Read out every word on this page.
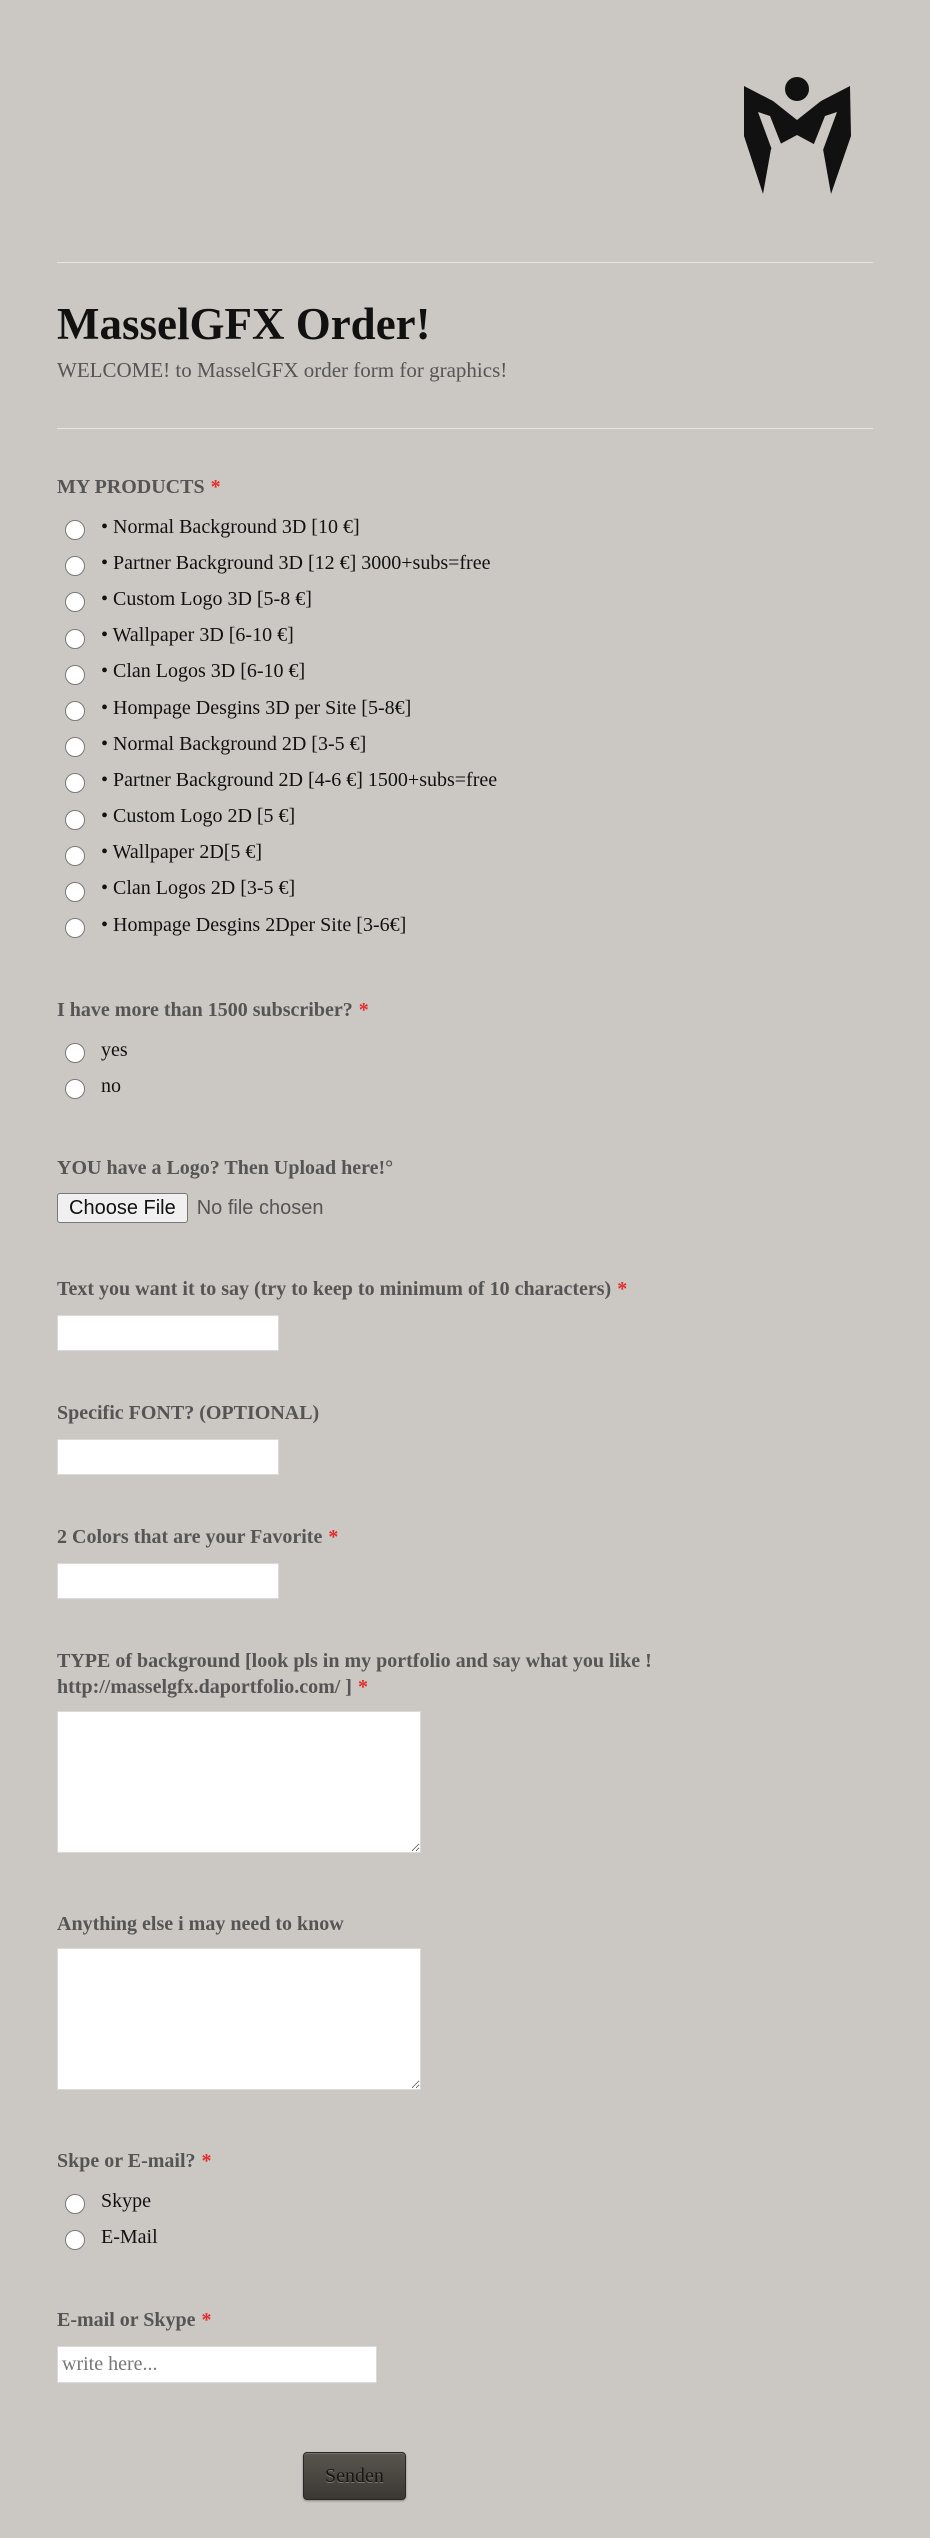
MasselGFX Order!
WELCOME! to MasselGFX order form for graphics!
MY PRODUCTS *
• Normal Background 3D [10 €]
• Partner Background 3D [12 €] 3000+subs=free
• Custom Logo 3D [5-8 €]
• Wallpaper 3D [6-10 €]
• Clan Logos 3D [6-10 €]
• Hompage Desgins 3D per Site [5-8€]
• Normal Background 2D [3-5 €]
• Partner Background 2D [4-6 €] 1500+subs=free
• Custom Logo 2D [5 €]
• Wallpaper 2D[5 €]
• Clan Logos 2D [3-5 €]
• Hompage Desgins 2Dper Site [3-6€]
I have more than 1500 subscriber? *
yes
no
YOU have a Logo? Then Upload here!°
Choose File	No file chosen
Text you want it to say (try to keep to minimum of 10 characters) *
Specific FONT? (OPTIONAL)
2 Colors that are your Favorite *
TYPE of background [look pls in my portfolio and say what you like ! http://masselgfx.daportfolio.com/ ] *
Anything else i may need to know
Skpe or E-mail? *
Skype
E-Mail
E-mail or Skype *
write here...
Senden
